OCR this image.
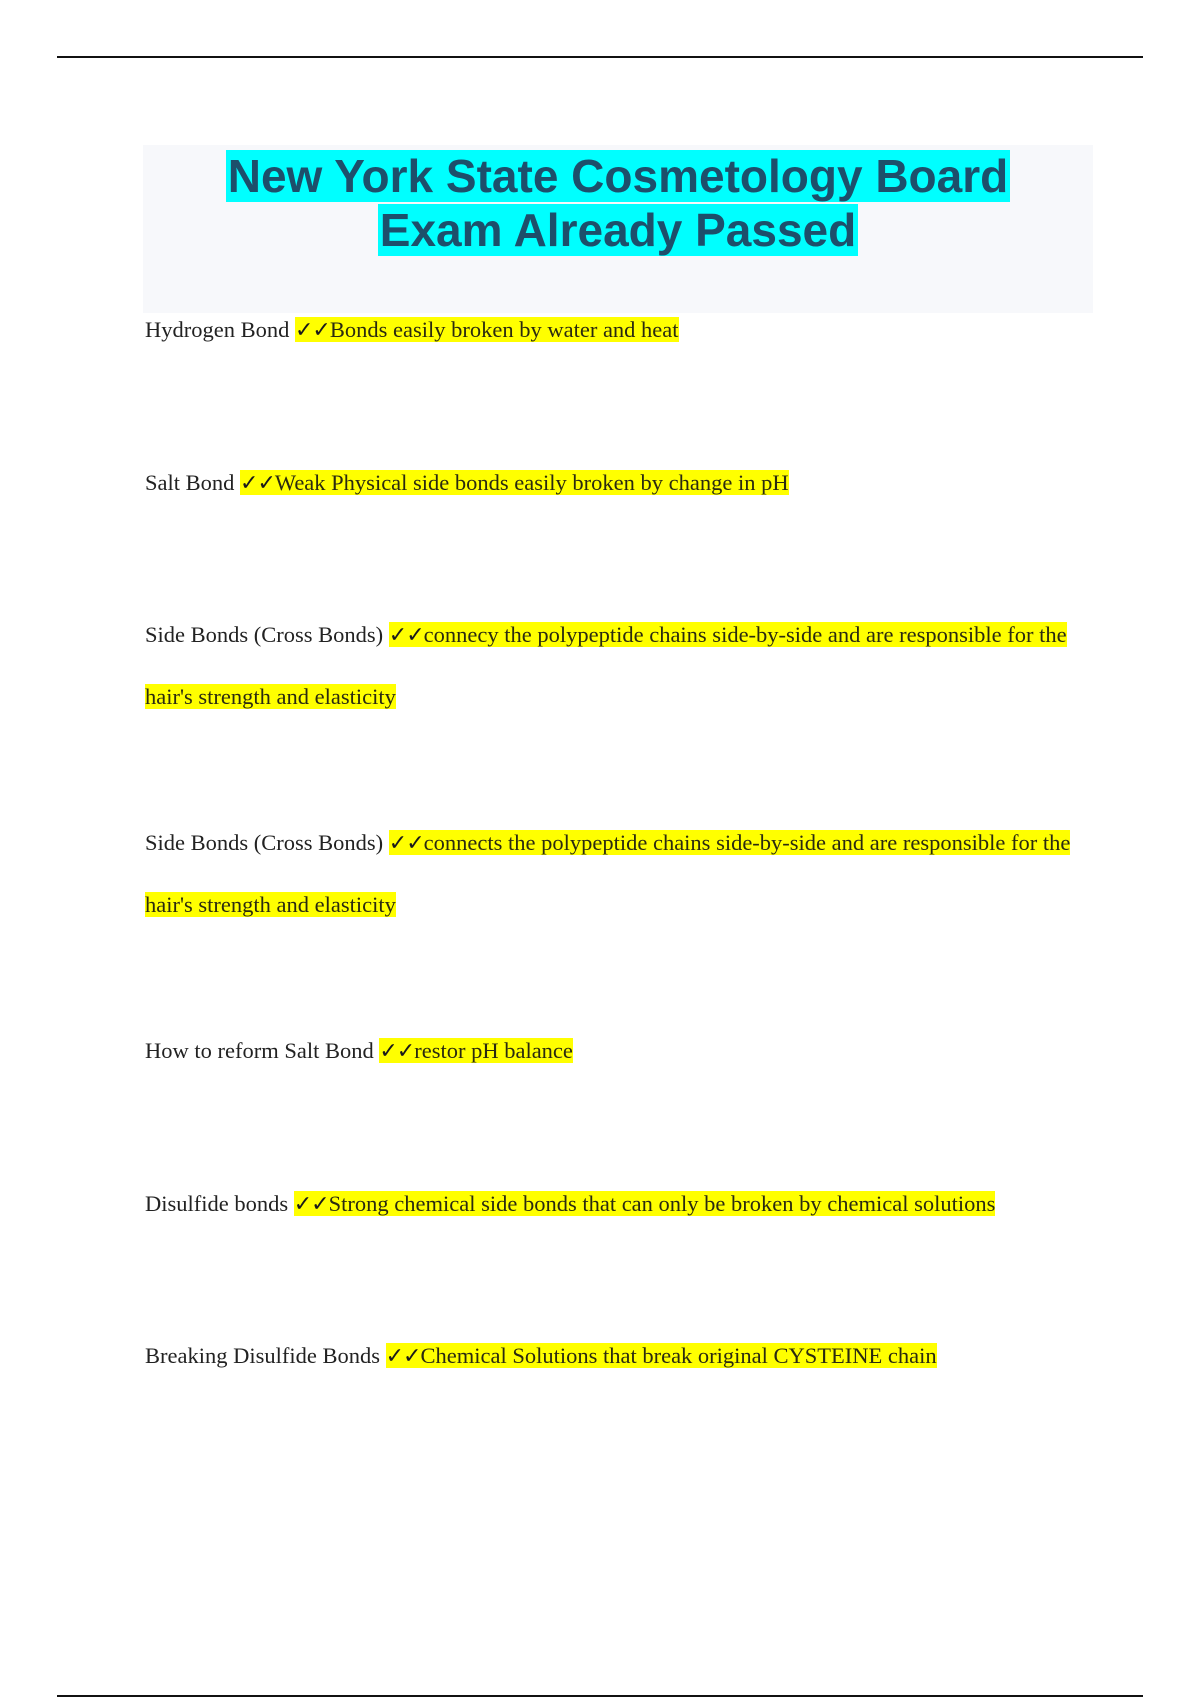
New York State Cosmetology Board
Exam Already Passed
Hydrogen Bond ✓✓Bonds easily broken by water and heat
Salt Bond ✓✓Weak Physical side bonds easily broken by change in pH
Side Bonds (Cross Bonds) ✓✓connecy the polypeptide chains side-by-side and are responsible for the hair's strength and elasticity
Side Bonds (Cross Bonds) ✓✓connects the polypeptide chains side-by-side and are responsible for the hair's strength and elasticity
How to reform Salt Bond ✓✓restor pH balance
Disulfide bonds ✓✓Strong chemical side bonds that can only be broken by chemical solutions
Breaking Disulfide Bonds ✓✓Chemical Solutions that break original CYSTEINE chain
